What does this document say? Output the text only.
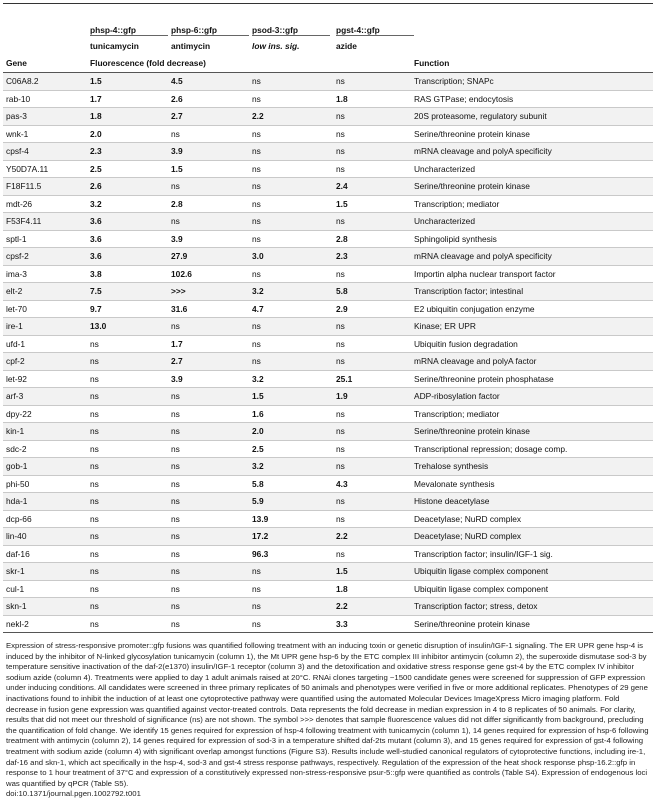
	phsp-4::gfp	phsp-6::gfp	psod-3::gfp	pgst-4::gfp	
	tunicamycin	antimycin	low ins. sig.	azide	
Gene	Fluorescence (fold decrease)				Function
C06A8.2	1.5	4.5	ns	ns	Transcription; SNAPc
rab-10	1.7	2.6	ns	1.8	RAS GTPase; endocytosis
pas-3	1.8	2.7	2.2	ns	20S proteasome, regulatory subunit
wnk-1	2.0	ns	ns	ns	Serine/threonine protein kinase
cpsf-4	2.3	3.9	ns	ns	mRNA cleavage and polyA specificity
Y50D7A.11	2.5	1.5	ns	ns	Uncharacterized
F18F11.5	2.6	ns	ns	2.4	Serine/threonine protein kinase
mdt-26	3.2	2.8	ns	1.5	Transcription; mediator
F53F4.11	3.6	ns	ns	ns	Uncharacterized
sptl-1	3.6	3.9	ns	2.8	Sphingolipid synthesis
cpsf-2	3.6	27.9	3.0	2.3	mRNA cleavage and polyA specificity
ima-3	3.8	102.6	ns	ns	Importin alpha nuclear transport factor
elt-2	7.5	>>>	3.2	5.8	Transcription factor; intestinal
let-70	9.7	31.6	4.7	2.9	E2 ubiquitin conjugation enzyme
ire-1	13.0	ns	ns	ns	Kinase; ER UPR
ufd-1	ns	1.7	ns	ns	Ubiquitin fusion degradation
cpf-2	ns	2.7	ns	ns	mRNA cleavage and polyA factor
let-92	ns	3.9	3.2	25.1	Serine/threonine protein phosphatase
arf-3	ns	ns	1.5	1.9	ADP-ribosylation factor
dpy-22	ns	ns	1.6	ns	Transcription; mediator
kin-1	ns	ns	2.0	ns	Serine/threonine protein kinase
sdc-2	ns	ns	2.5	ns	Transcriptional repression; dosage comp.
gob-1	ns	ns	3.2	ns	Trehalose synthesis
phi-50	ns	ns	5.8	4.3	Mevalonate synthesis
hda-1	ns	ns	5.9	ns	Histone deacetylase
dcp-66	ns	ns	13.9	ns	Deacetylase; NuRD complex
lin-40	ns	ns	17.2	2.2	Deacetylase; NuRD complex
daf-16	ns	ns	96.3	ns	Transcription factor; insulin/IGF-1 sig.
skr-1	ns	ns	ns	1.5	Ubiquitin ligase complex component
cul-1	ns	ns	ns	1.8	Ubiquitin ligase complex component
skn-1	ns	ns	ns	2.2	Transcription factor; stress, detox
nekl-2	ns	ns	ns	3.3	Serine/threonine protein kinase
Expression of stress-responsive promoter::gfp fusions was quantified following treatment with an inducing toxin or genetic disruption of insulin/IGF-1 signaling. The ER UPR gene hsp-4 is induced by the inhibitor of N-linked glycosylation tunicamycin (column 1), the Mt UPR gene hsp-6 by the ETC complex III inhibitor antimycin (column 2), the superoxide dismutase sod-3 by temperature sensitive inactivation of the daf-2(e1370) insulin/IGF-1 receptor (column 3) and the detoxification and oxidative stress response gene gst-4 by the ETC complex IV inhibitor sodium azide (column 4). Treatments were applied to day 1 adult animals raised at 20°C. RNAi clones targeting ~1500 candidate genes were screened for suppression of GFP expression under inducing conditions. All candidates were screened in three primary replicates of 50 animals and phenotypes were verified in five or more additional replicates. Phenotypes of 29 gene inactivations found to inhibit the induction of at least one cytoprotective pathway were quantified using the automated Molecular Devices ImageXpress Micro imaging platform. Fold decrease in fusion gene expression was quantified against vector-treated controls. Data represents the fold decrease in median expression in 4 to 8 replicates of 50 animals. For clarity, results that did not meet our threshold of significance (ns) are not shown. The symbol >>> denotes that sample fluorescence values did not differ significantly from background, precluding the quantification of fold change. We identify 15 genes required for expression of hsp-4 following treatment with tunicamycin (column 1), 14 genes required for expression of hsp-6 following treatment with antimycin (column 2), 14 genes required for expression of sod-3 in a temperature shifted daf-2ts mutant (column 3), and 15 genes required for expression of gst-4 following treatment with sodium azide (column 4) with significant overlap amongst functions (Figure S3). Results include well-studied canonical regulators of cytoprotective functions, including ire-1, daf-16 and skn-1, which act specifically in the hsp-4, sod-3 and gst-4 stress response pathways, respectively. Regulation of the expression of the heat shock response phsp-16.2::gfp in response to 1 hour treatment of 37°C and expression of a constitutively expressed non-stress-responsive psur-5::gfp were quantified as controls (Table S4). Expression of endogenous loci was quantified by qPCR (Table S5).
doi:10.1371/journal.pgen.1002792.t001
